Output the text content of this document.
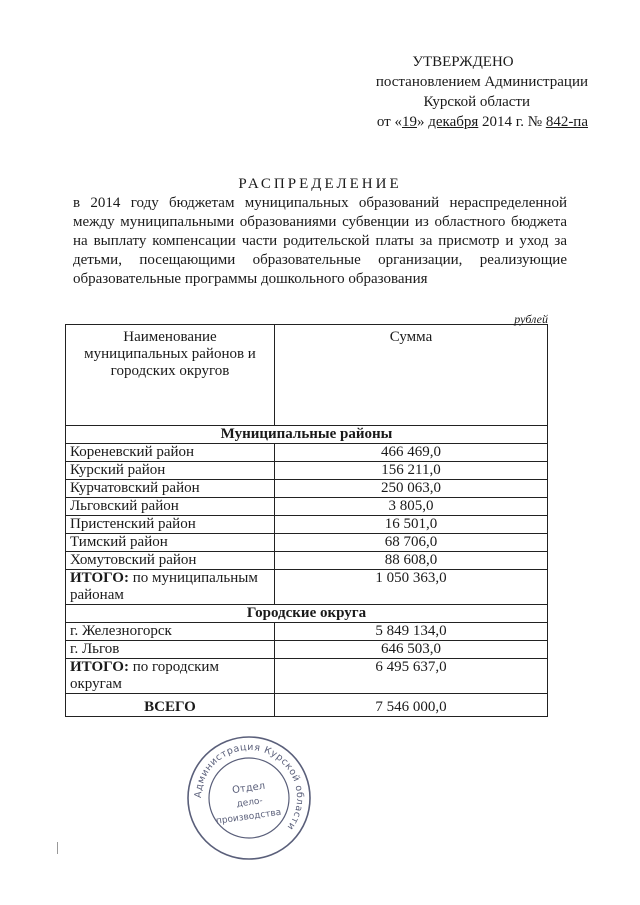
УТВЕРЖДЕНО
постановлением Администрации
Курской области
от «19» декабря 2014 г. № 842-па
РАСПРЕДЕЛЕНИЕ
в 2014 году бюджетам муниципальных образований нераспределенной между муниципальными образованиями субвенции из областного бюджета на выплату компенсации части родительской платы за присмотр и уход за детьми, посещающими образовательные организации, реализующие образовательные программы дошкольного образования
рублей
Наименование муниципальных районов и городских округов	Сумма
Муниципальные районы	
Кореневский район	466 469,0
Курский район	156 211,0
Курчатовский район	250 063,0
Льговский район	3 805,0
Пристенский район	16 501,0
Тимский район	68 706,0
Хомутовский район	88 608,0
ИТОГО: по муниципальным районам	1 050 363,0
Городские округа	
г. Железногорск	5 849 134,0
г. Льгов	646 503,0
ИТОГО: по городским округам	6 495 637,0
ВСЕГО	7 546 000,0
Администрация Курской области
Отдел
дело-
производства
